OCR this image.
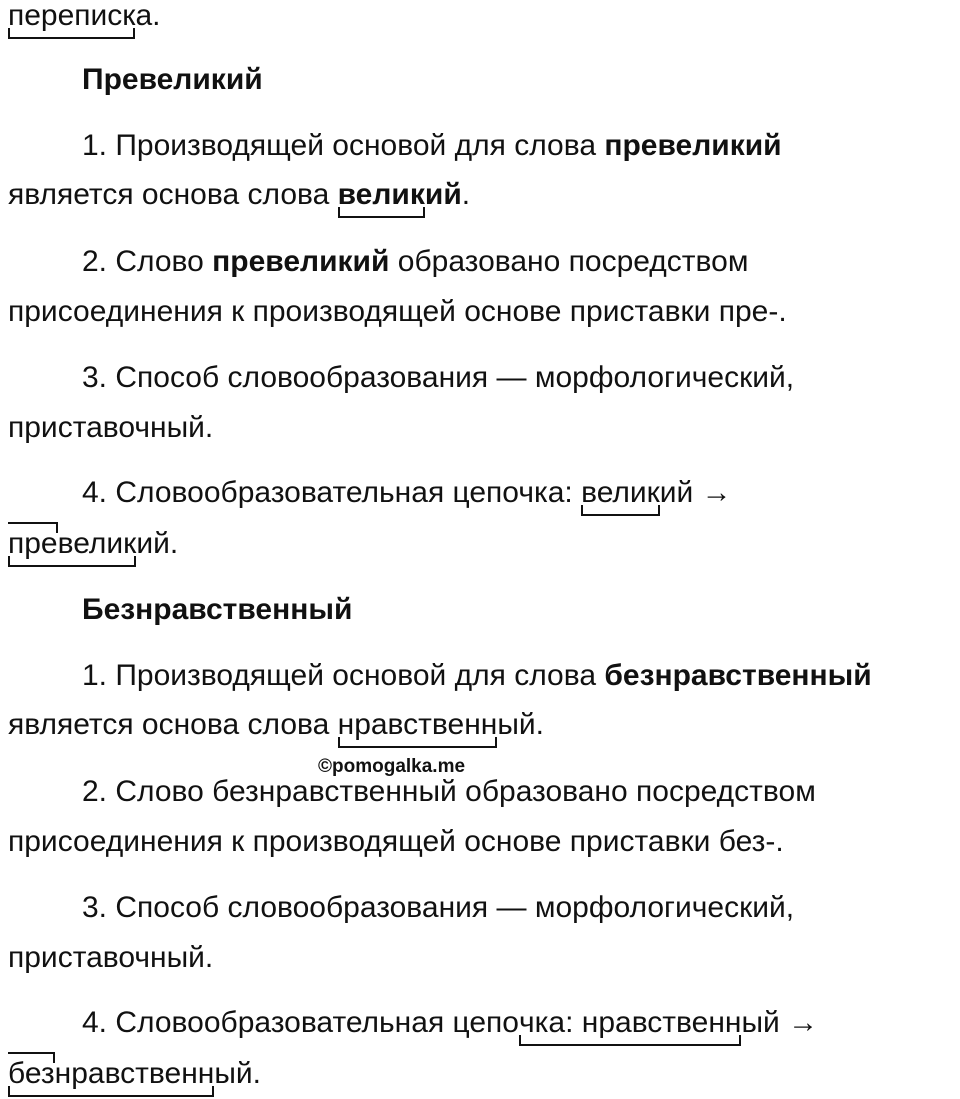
переписка.
Превеликий
1. Производящей основой для слова превеликий
является основа слова великий.
2. Слово превеликий образовано посредством
присоединения к производящей основе приставки пре-.
3. Способ словообразования — морфологический,
приставочный.
4. Словообразовательная цепочка: великий →
превеликий.
Безнравственный
1. Производящей основой для слова безнравственный
является основа слова нравственный.
©pomogalka.me
2. Слово безнравственный образовано посредством
присоединения к производящей основе приставки без-.
3. Способ словообразования — морфологический,
приставочный.
4. Словообразовательная цепочка: нравственный →
безнравственный.
